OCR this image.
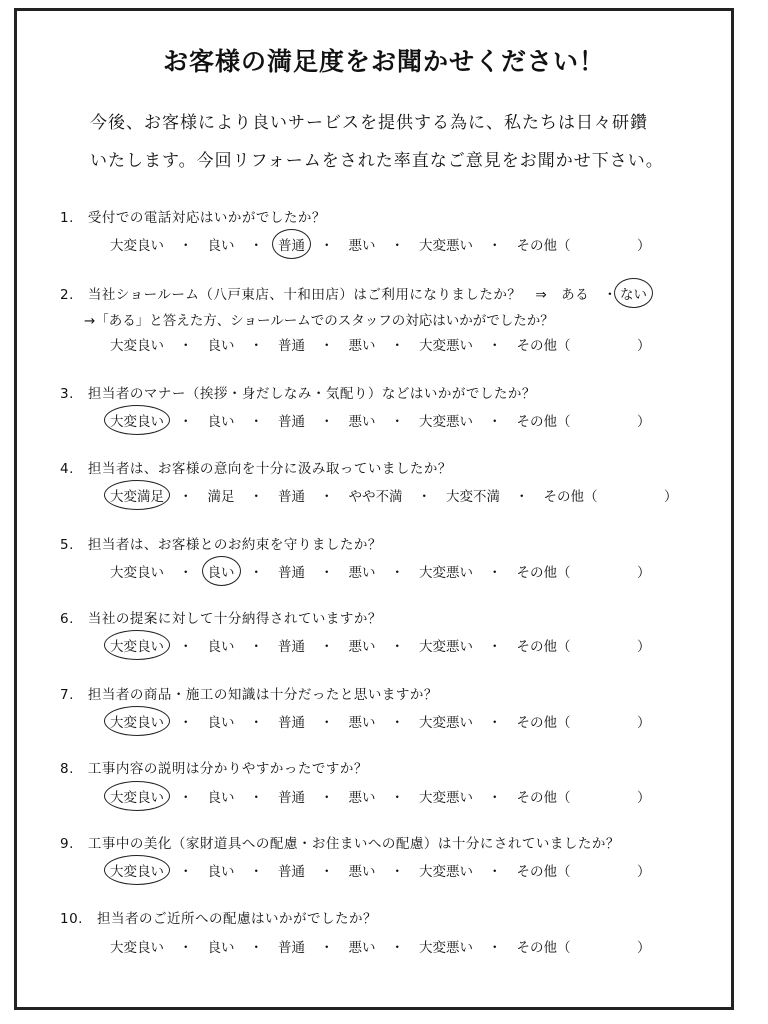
お客様の満足度をお聞かせください！
今後、お客様により良いサービスを提供する為に、私たちは日々研鑽
いたします。今回リフォームをされた率直なご意見をお聞かせ下さい。
1. 受付での電話対応はいかがでしたか？
大変良い ・ 良い ・ 普通 ・ 悪い ・ 大変悪い ・ その他（	）
2. 当社ショールーム（八戸東店、十和田店）はご利用になりましたか？　⇒　ある　・ ない
→「ある」と答えた方、ショールームでのスタッフの対応はいかがでしたか？
大変良い ・ 良い ・ 普通 ・ 悪い ・ 大変悪い ・ その他（	）
3. 担当者のマナー（挨拶・身だしなみ・気配り）などはいかがでしたか？
大変良い ・ 良い ・ 普通 ・ 悪い ・ 大変悪い ・ その他（	）
4. 担当者は、お客様の意向を十分に汲み取っていましたか？
大変満足 ・ 満足 ・ 普通 ・ やや不満 ・ 大変不満 ・ その他（	）
5. 担当者は、お客様とのお約束を守りましたか？
大変良い ・ 良い ・ 普通 ・ 悪い ・ 大変悪い ・ その他（	）
6. 当社の提案に対して十分納得されていますか？
大変良い ・ 良い ・ 普通 ・ 悪い ・ 大変悪い ・ その他（	）
7. 担当者の商品・施工の知識は十分だったと思いますか？
大変良い ・ 良い ・ 普通 ・ 悪い ・ 大変悪い ・ その他（	）
8. 工事内容の説明は分かりやすかったですか？
大変良い ・ 良い ・ 普通 ・ 悪い ・ 大変悪い ・ その他（	）
9. 工事中の美化（家財道具への配慮・お住まいへの配慮）は十分にされていましたか？
大変良い ・ 良い ・ 普通 ・ 悪い ・ 大変悪い ・ その他（	）
10. 担当者のご近所への配慮はいかがでしたか？
大変良い ・ 良い ・ 普通 ・ 悪い ・ 大変悪い ・ その他（	）
